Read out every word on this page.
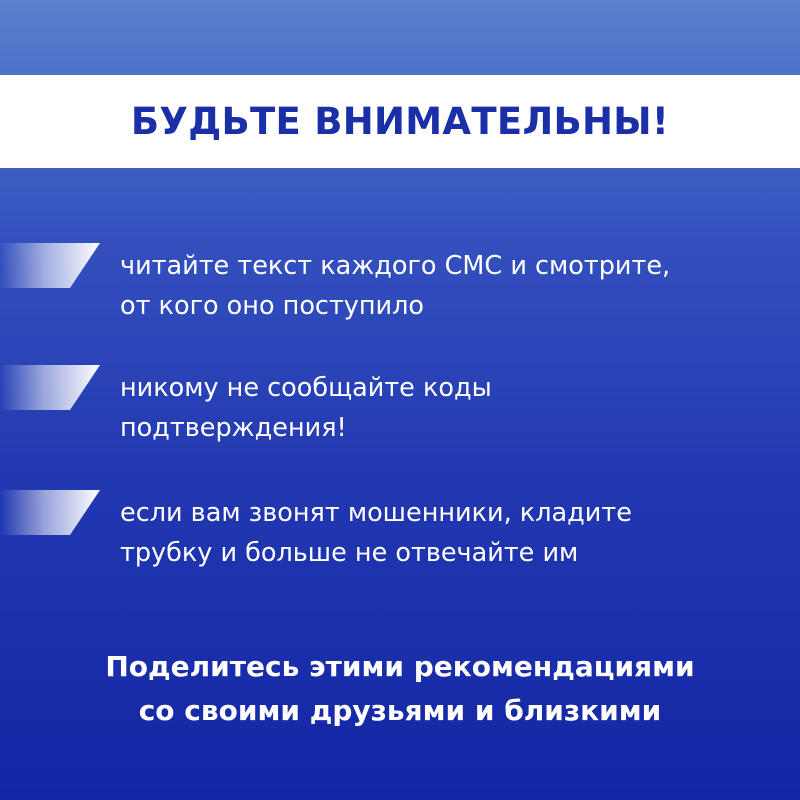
БУДЬТЕ ВНИМАТЕЛЬНЫ!

читайте текст каждого СМС и смотрите,
от кого оно поступило

никому не сообщайте коды
подтверждения!

если вам звонят мошенники, кладите
трубку и больше не отвечайте им

Поделитесь этими рекомендациями
со своими друзьями и близкими
